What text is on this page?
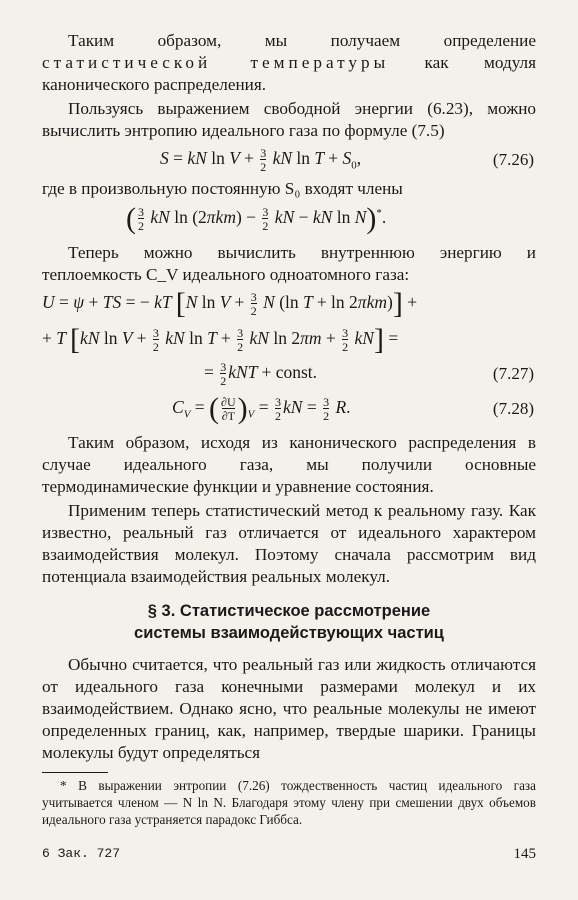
Таким образом, мы получаем определение статистической температуры как модуля канонического распределения.

Пользуясь выражением свободной энергии (6.23), можно вычислить энтропию идеального газа по формуле (7.5)

S = kN $\ln V + \frac{3}{2}$ kN $\ln T + S_0$,	(7.26)

где в произвольную постоянную S₀ входят члены

( $\frac{3}{2}$ kN $\ln (2\pi km) - \frac{3}{2}$ kN − kN ln N)*.

Теперь можно вычислить внутреннюю энергию и теплоемкость C_V идеального одноатомного газа:

U = ψ + TS = − kT [N $\ln V + \frac{3}{2}$ N (ln T + ln 2πkm)] +
+ T [kN $\ln V + \frac{3}{2}$ kN $\ln T + \frac{3}{2}$ kN $\ln 2\pi m + \frac{3}{2} kN$] =
= $\frac{3}{2}$ kNT + const.	(7.27)
$C_V$ = ( $\frac{\partial U}{\partial T} )_V = \frac{3}{2}$ kN = $\frac{3}{2} R$.	(7.28)

Таким образом, исходя из канонического распределения в случае идеального газа, мы получили основные термодинамические функции и уравнение состояния.

Применим теперь статистический метод к реальному газу. Как известно, реальный газ отличается от идеального характером взаимодействия молекул. Поэтому сначала рассмотрим вид потенциала взаимодействия реальных молекул.

§ 3. Статистическое рассмотрение
системы взаимодействующих частиц

Обычно считается, что реальный газ или жидкость отличаются от идеального газа конечными размерами молекул и их взаимодействием. Однако ясно, что реальные молекулы не имеют определенных границ, как, например, твердые шарики. Границы молекулы будут определяться

* В выражении энтропии (7.26) тождественность частиц идеального газа учитывается членом — N ln N. Благодаря этому члену при смешении двух объемов идеального газа устраняется парадокс Гиббса.

6 Зак. 727	145
